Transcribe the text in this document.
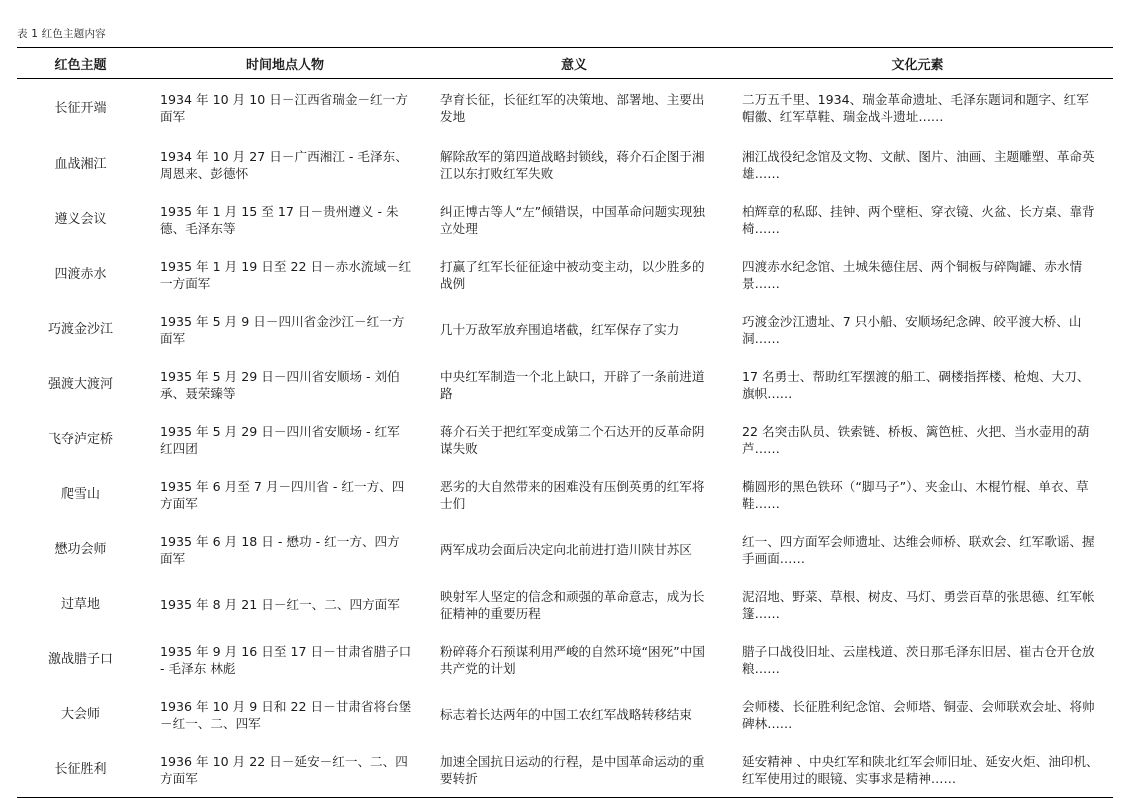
表 1 红色主题内容
红色主题	时间地点人物	意义	文化元素
长征开端	1934 年 10 月 10 日－江西省瑞金－红一方面军	孕育长征，长征红军的决策地、部署地、主要出发地	二万五千里、1934、瑞金革命遗址、毛泽东题词和题字、红军帽徽、红军草鞋、瑞金战斗遗址……
血战湘江	1934 年 10 月 27 日－广西湘江 - 毛泽东、周恩来、彭德怀	解除敌军的第四道战略封锁线，蒋介石企图于湘江以东打败红军失败	湘江战役纪念馆及文物、文献、图片、油画、主题雕塑、革命英雄……
遵义会议	1935 年 1 月 15 至 17 日－贵州遵义 - 朱德、毛泽东等	纠正博古等人“左”倾错误，中国革命问题实现独立处理	柏辉章的私邸、挂钟、两个壁柜、穿衣镜、火盆、长方桌、靠背椅……
四渡赤水	1935 年 1 月 19 日至 22 日－赤水流域－红一方面军	打赢了红军长征征途中被动变主动，以少胜多的战例	四渡赤水纪念馆、土城朱德住居、两个铜板与碎陶罐、赤水情景……
巧渡金沙江	1935 年 5 月 9 日－四川省金沙江－红一方面军	几十万敌军放弃围追堵截，红军保存了实力	巧渡金沙江遗址、7 只小船、安顺场纪念碑、皎平渡大桥、山洞……
强渡大渡河	1935 年 5 月 29 日－四川省安顺场 - 刘伯承、聂荣臻等	中央红军制造一个北上缺口，开辟了一条前进道路	17 名勇士、帮助红军摆渡的船工、碉楼指挥楼、枪炮、大刀、旗帜……
飞夺泸定桥	1935 年 5 月 29 日－四川省安顺场 - 红军红四团	蒋介石关于把红军变成第二个石达开的反革命阴谋失败	22 名突击队员、铁索链、桥板、篱笆桩、火把、当水壶用的葫芦……
爬雪山	1935 年 6 月至 7 月－四川省 - 红一方、四方面军	恶劣的大自然带来的困难没有压倒英勇的红军将士们	椭圆形的黑色铁环（“脚马子”）、夹金山、木棍竹棍、单衣、草鞋……
懋功会师	1935 年 6 月 18 日 - 懋功 - 红一方、四方面军	两军成功会面后决定向北前进打造川陕甘苏区	红一、四方面军会师遗址、达维会师桥、联欢会、红军歌谣、握手画面……
过草地	1935 年 8 月 21 日－红一、二、四方面军	映射军人坚定的信念和顽强的革命意志，成为长征精神的重要历程	泥沼地、野菜、草根、树皮、马灯、勇尝百草的张思德、红军帐篷……
激战腊子口	1935 年 9 月 16 日至 17 日－甘肃省腊子口 - 毛泽东 林彪	粉碎蒋介石预谋利用严峻的自然环境“困死”中国共产党的计划	腊子口战役旧址、云崖栈道、茨日那毛泽东旧居、崔古仓开仓放粮……
大会师	1936 年 10 月 9 日和 22 日－甘肃省将台堡－红一、二、四军	标志着长达两年的中国工农红军战略转移结束	会师楼、长征胜利纪念馆、会师塔、铜壶、会师联欢会址、将帅碑林……
长征胜利	1936 年 10 月 22 日－延安－红一、二、四方面军	加速全国抗日运动的行程，是中国革命运动的重要转折	延安精神 、中央红军和陕北红军会师旧址、延安火炬、油印机、红军使用过的眼镜、实事求是精神……
